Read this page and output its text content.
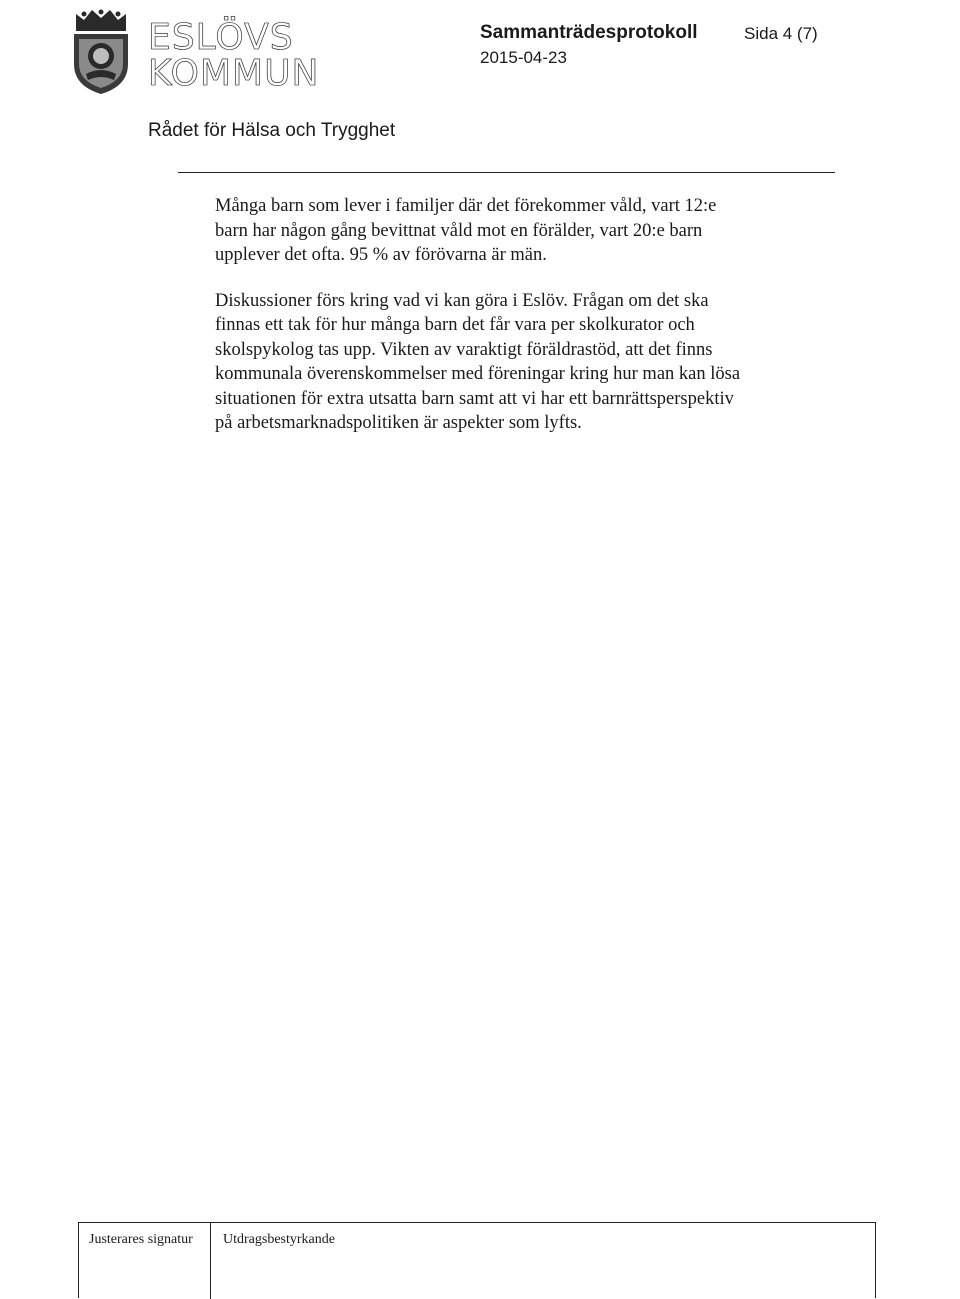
ESLÖVS
KOMMUN
Sammanträdesprotokoll
2015-04-23
Sida 4 (7)
Rådet för Hälsa och Trygghet

Många barn som lever i familjer där det förekommer våld, vart 12:e barn har någon gång bevittnat våld mot en förälder, vart 20:e barn upplever det ofta. 95 % av förövarna är män.

Diskussioner förs kring vad vi kan göra i Eslöv. Frågan om det ska finnas ett tak för hur många barn det får vara per skolkurator och skolspykolog tas upp. Vikten av varaktigt föräldrastöd, att det finns kommunala överenskommelser med föreningar kring hur man kan lösa situationen för extra utsatta barn samt att vi har ett barnrättsperspektiv på arbetsmarknadspolitiken är aspekter som lyfts.

Justerares signatur Utdragsbestyrkande
